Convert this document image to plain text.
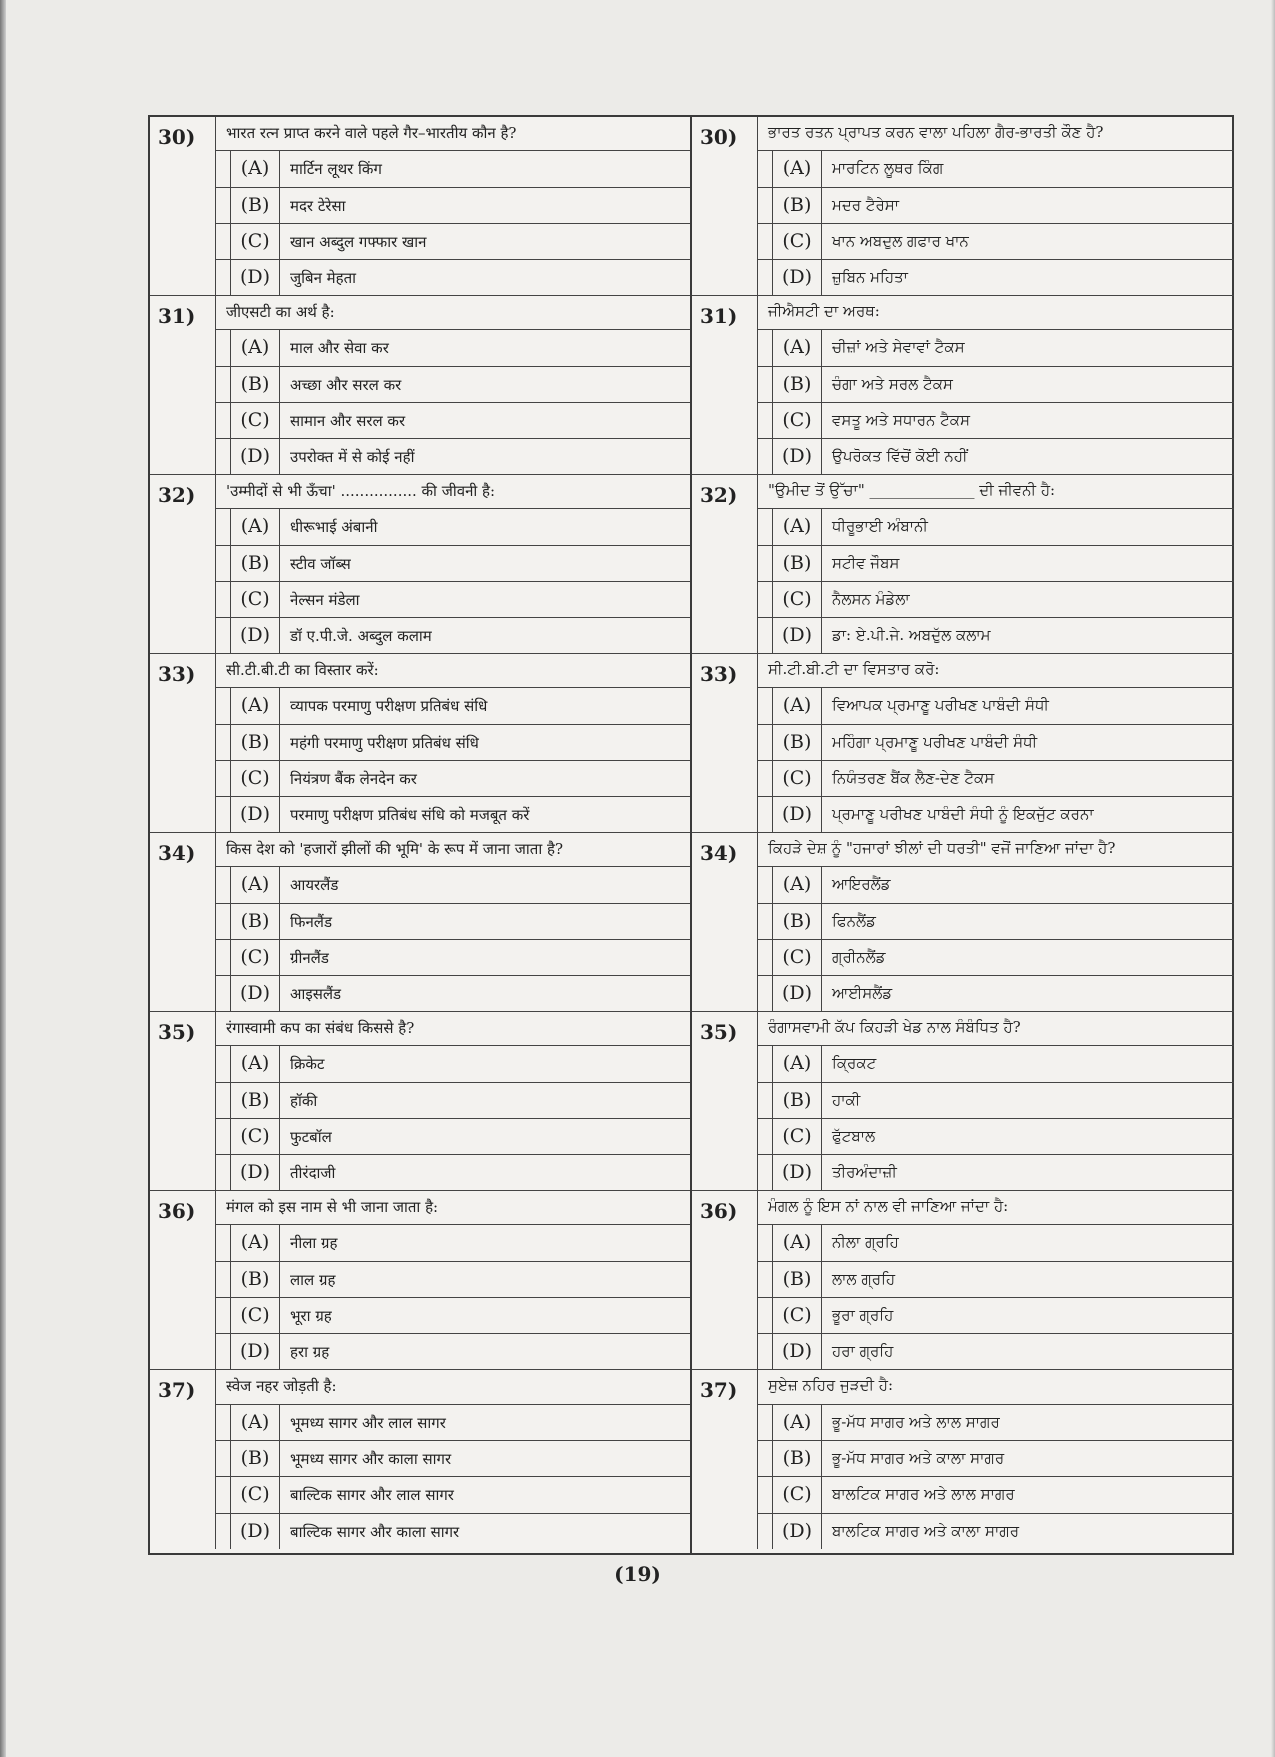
30)	भारत रत्न प्राप्त करने वाले पहले गैर–भारतीय कौन है?
(A)	मार्टिन लूथर किंग
(B)	मदर टेरेसा
(C)	खान अब्दुल गफ्फार खान
(D)	जुबिन मेहता
31)	जीएसटी का अर्थ है:
(A)	माल और सेवा कर
(B)	अच्छा और सरल कर
(C)	सामान और सरल कर
(D)	उपरोक्त में से कोई नहीं
32)	'उम्मीदों से भी ऊँचा' ................ की जीवनी है:
(A)	धीरूभाई अंबानी
(B)	स्टीव जॉब्स
(C)	नेल्सन मंडेला
(D)	डॉ ए.पी.जे. अब्दुल कलाम
33)	सी.टी.बी.टी का विस्तार करें:
(A)	व्यापक परमाणु परीक्षण प्रतिबंध संधि
(B)	महंगी परमाणु परीक्षण प्रतिबंध संधि
(C)	नियंत्रण बैंक लेनदेन कर
(D)	परमाणु परीक्षण प्रतिबंध संधि को मजबूत करें
34)	किस देश को 'हजारों झीलों की भूमि' के रूप में जाना जाता है?
(A)	आयरलैंड
(B)	फिनलैंड
(C)	ग्रीनलैंड
(D)	आइसलैंड
35)	रंगास्वामी कप का संबंध किससे है?
(A)	क्रिकेट
(B)	हॉकी
(C)	फुटबॉल
(D)	तीरंदाजी
36)	मंगल को इस नाम से भी जाना जाता है:
(A)	नीला ग्रह
(B)	लाल ग्रह
(C)	भूरा ग्रह
(D)	हरा ग्रह
37)	स्वेज नहर जोड़ती है:
(A)	भूमध्य सागर और लाल सागर
(B)	भूमध्य सागर और काला सागर
(C)	बाल्टिक सागर और लाल सागर
(D)	बाल्टिक सागर और काला सागर
30)	ਭਾਰਤ ਰਤਨ ਪ੍ਰਾਪਤ ਕਰਨ ਵਾਲਾ ਪਹਿਲਾ ਗੈਰ-ਭਾਰਤੀ ਕੌਣ ਹੈ?
(A)	ਮਾਰਟਿਨ ਲੂਥਰ ਕਿੰਗ
(B)	ਮਦਰ ਟੈਰੇਸਾ
(C)	ਖਾਨ ਅਬਦੁਲ ਗਫਾਰ ਖਾਨ
(D)	ਜ਼ੁਬਿਨ ਮਹਿਤਾ
31)	ਜੀਐਸਟੀ ਦਾ ਅਰਥ:
(A)	ਚੀਜ਼ਾਂ ਅਤੇ ਸੇਵਾਵਾਂ ਟੈਕਸ
(B)	ਚੰਗਾ ਅਤੇ ਸਰਲ ਟੈਕਸ
(C)	ਵਸਤੂ ਅਤੇ ਸਧਾਰਨ ਟੈਕਸ
(D)	ਉਪਰੋਕਤ ਵਿੱਚੋਂ ਕੋਈ ਨਹੀਂ
32)	"ਉਮੀਦ ਤੋਂ ਉੱਚਾ" ______________ ਦੀ ਜੀਵਨੀ ਹੈ:
(A)	ਧੀਰੂਭਾਈ ਅੰਬਾਨੀ
(B)	ਸਟੀਵ ਜੌਬਸ
(C)	ਨੈਲਸਨ ਮੰਡੇਲਾ
(D)	ਡਾ: ਏ.ਪੀ.ਜੇ. ਅਬਦੁੱਲ ਕਲਾਮ
33)	ਸੀ.ਟੀ.ਬੀ.ਟੀ ਦਾ ਵਿਸਤਾਰ ਕਰੋ:
(A)	ਵਿਆਪਕ ਪ੍ਰਮਾਣੂ ਪਰੀਖਣ ਪਾਬੰਦੀ ਸੰਧੀ
(B)	ਮਹਿੰਗਾ ਪ੍ਰਮਾਣੂ ਪਰੀਖਣ ਪਾਬੰਦੀ ਸੰਧੀ
(C)	ਨਿਯੰਤਰਣ ਬੈਂਕ ਲੈਣ-ਦੇਣ ਟੈਕਸ
(D)	ਪ੍ਰਮਾਣੂ ਪਰੀਖਣ ਪਾਬੰਦੀ ਸੰਧੀ ਨੂੰ ਇਕਜੁੱਟ ਕਰਨਾ
34)	ਕਿਹੜੇ ਦੇਸ਼ ਨੂੰ "ਹਜਾਰਾਂ ਝੀਲਾਂ ਦੀ ਧਰਤੀ" ਵਜੋਂ ਜਾਣਿਆ ਜਾਂਦਾ ਹੈ?
(A)	ਆਇਰਲੈਂਡ
(B)	ਫਿਨਲੈਂਡ
(C)	ਗ੍ਰੀਨਲੈਂਡ
(D)	ਆਈਸਲੈਂਡ
35)	ਰੰਗਾਸਵਾਮੀ ਕੱਪ ਕਿਹੜੀ ਖੇਡ ਨਾਲ ਸੰਬੰਧਿਤ ਹੈ?
(A)	ਕ੍ਰਿਕਟ
(B)	ਹਾਕੀ
(C)	ਫੁੱਟਬਾਲ
(D)	ਤੀਰਅੰਦਾਜ਼ੀ
36)	ਮੰਗਲ ਨੂੰ ਇਸ ਨਾਂ ਨਾਲ ਵੀ ਜਾਣਿਆ ਜਾਂਦਾ ਹੈ:
(A)	ਨੀਲਾ ਗ੍ਰਹਿ
(B)	ਲਾਲ ਗ੍ਰਹਿ
(C)	ਭੂਰਾ ਗ੍ਰਹਿ
(D)	ਹਰਾ ਗ੍ਰਹਿ
37)	ਸੁਏਜ਼ ਨਹਿਰ ਜੁੜਦੀ ਹੈ:
(A)	ਭੂ-ਮੱਧ ਸਾਗਰ ਅਤੇ ਲਾਲ ਸਾਗਰ
(B)	ਭੂ-ਮੱਧ ਸਾਗਰ ਅਤੇ ਕਾਲਾ ਸਾਗਰ
(C)	ਬਾਲਟਿਕ ਸਾਗਰ ਅਤੇ ਲਾਲ ਸਾਗਰ
(D)	ਬਾਲਟਿਕ ਸਾਗਰ ਅਤੇ ਕਾਲਾ ਸਾਗਰ
(19)
